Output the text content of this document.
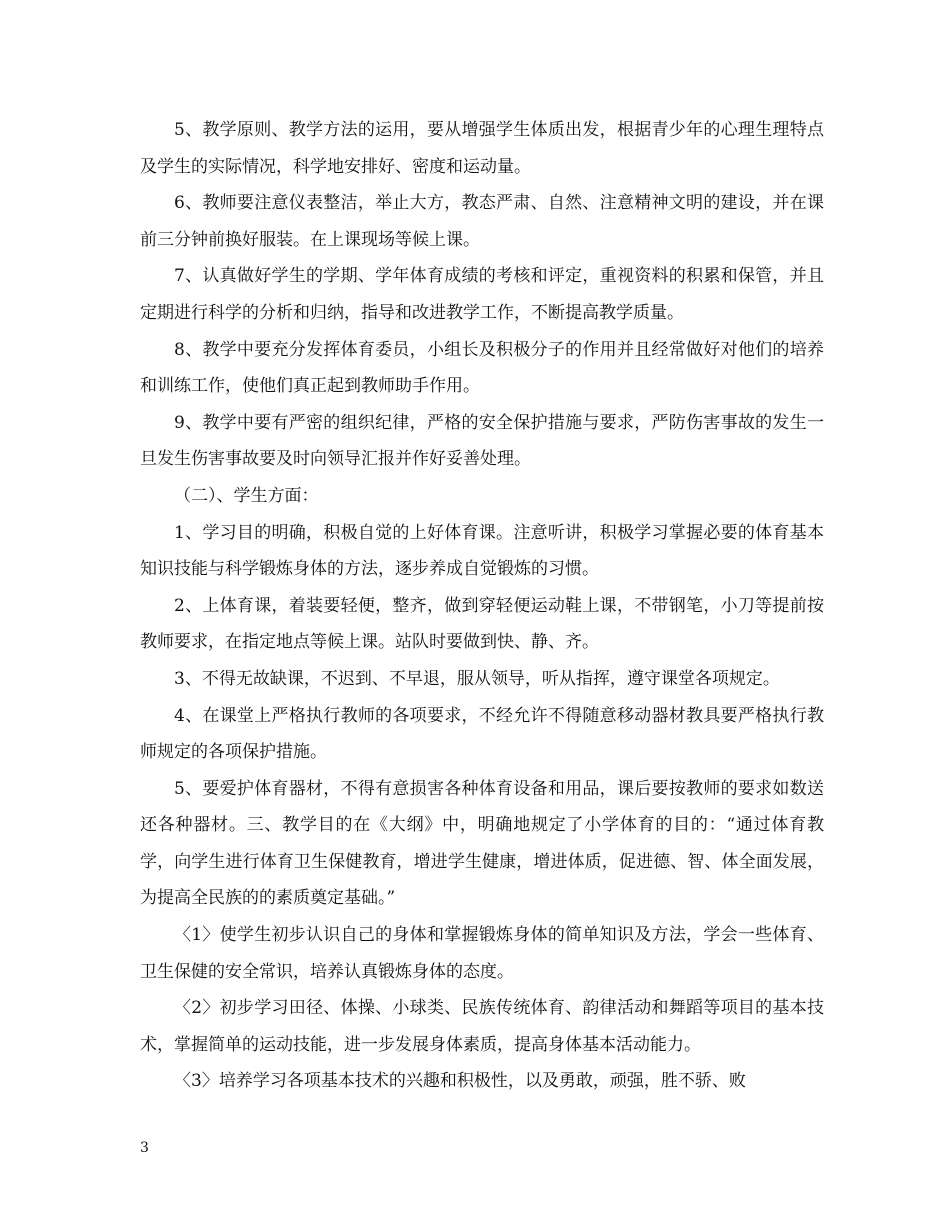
5、教学原则、教学方法的运用，要从增强学生体质出发，根据青少年的心理生理特点及学生的实际情况，科学地安排好、密度和运动量。

6、教师要注意仪表整洁，举止大方，教态严肃、自然、注意精神文明的建设，并在课前三分钟前换好服装。在上课现场等候上课。

7、认真做好学生的学期、学年体育成绩的考核和评定，重视资料的积累和保管，并且定期进行科学的分析和归纳，指导和改进教学工作，不断提高教学质量。

8、教学中要充分发挥体育委员，小组长及积极分子的作用并且经常做好对他们的培养和训练工作，使他们真正起到教师助手作用。

9、教学中要有严密的组织纪律，严格的安全保护措施与要求，严防伤害事故的发生一旦发生伤害事故要及时向领导汇报并作好妥善处理。

（二）、学生方面：

1、学习目的明确，积极自觉的上好体育课。注意听讲，积极学习掌握必要的体育基本知识技能与科学锻炼身体的方法，逐步养成自觉锻炼的习惯。

2、上体育课，着装要轻便，整齐，做到穿轻便运动鞋上课，不带钢笔，小刀等提前按教师要求，在指定地点等候上课。站队时要做到快、静、齐。

3、不得无故缺课，不迟到、不早退，服从领导，听从指挥，遵守课堂各项规定。

4、在课堂上严格执行教师的各项要求，不经允许不得随意移动器材教具要严格执行教师规定的各项保护措施。

5、要爱护体育器材，不得有意损害各种体育设备和用品，课后要按教师的要求如数送还各种器材。三、教学目的在《大纲》中，明确地规定了小学体育的目的：“通过体育教学，向学生进行体育卫生保健教育，增进学生健康，增进体质，促进德、智、体全面发展，为提高全民族的的素质奠定基础。”

〈1〉使学生初步认识自己的身体和掌握锻炼身体的简单知识及方法，学会一些体育、卫生保健的安全常识，培养认真锻炼身体的态度。

〈2〉初步学习田径、体操、小球类、民族传统体育、韵律活动和舞蹈等项目的基本技术，掌握简单的运动技能，进一步发展身体素质，提高身体基本活动能力。

〈3〉培养学习各项基本技术的兴趣和积极性，以及勇敢，顽强，胜不骄、败

3
